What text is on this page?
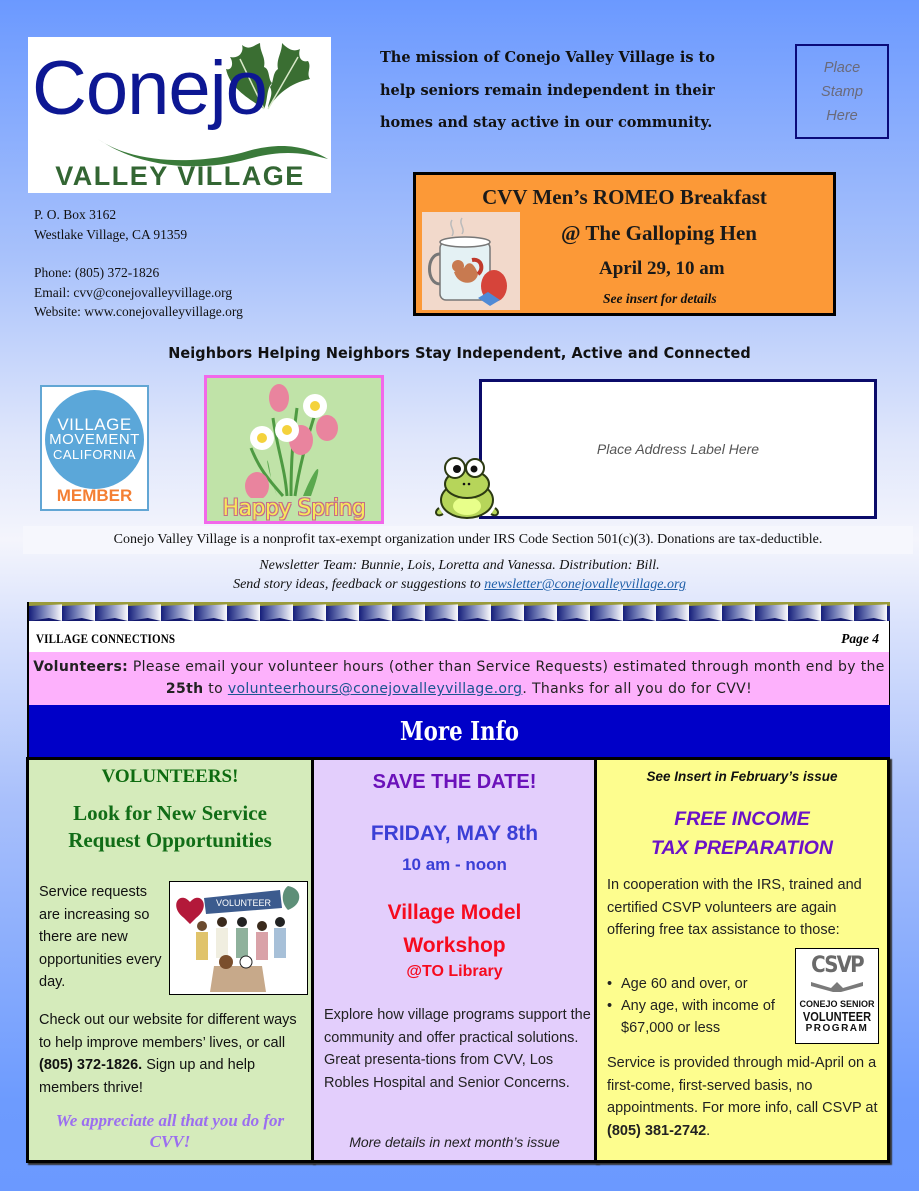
Conejo
VALLEY VILLAGE
P. O. Box 3162
Westlake Village, CA 91359
Phone: (805) 372-1826
Email: cvv@conejovalleyvillage.org
Website: www.conejovalleyvillage.org
The mission of Conejo Valley Village is to
help seniors remain independent in their
homes and stay active in our community.
Place
Stamp
Here
CVV Men’s ROMEO Breakfast
@ The Galloping Hen
April 29, 10 am
See insert for details
Neighbors Helping Neighbors Stay Independent, Active and Connected
VILLAGE
MOVEMENT
CALIFORNIA
MEMBER
Happy Spring
Place Address Label Here
Conejo Valley Village is a nonprofit tax-exempt organization under IRS Code Section 501(c)(3). Donations are tax-deductible.
Newsletter Team: Bunnie, Lois, Loretta and Vanessa. Distribution: Bill.
Send story ideas, feedback or suggestions to newsletter@conejovalleyvillage.org
VILLAGE CONNECTIONS	Page 4
Volunteers: Please email your volunteer hours (other than Service Requests) estimated through month end by the 25th to volunteerhours@conejovalleyvillage.org. Thanks for all you do for CVV!
More Info
VOLUNTEERS!
Look for New Service
Request Opportunities
Service requests are increasing so there are new opportunities every day.
VOLUNTEER
Check out our website for different ways to help improve members’ lives, or call (805) 372-1826. Sign up and help members thrive!
We appreciate all that you do for CVV!
SAVE THE DATE!
FRIDAY, MAY 8th
10 am - noon
Village Model
Workshop
@TO Library
Explore how village programs support the community and offer practical solutions. Great presenta-tions from CVV, Los Robles Hospital and Senior Concerns.
More details in next month’s issue
See Insert in February’s issue
FREE INCOME
TAX PREPARATION
In cooperation with the IRS, trained and certified CSVP volunteers are again offering free tax assistance to those:
• Age 60 and over, or
• Any age, with income of $67,000 or less
CSVP
CONEJO SENIOR
VOLUNTEER
PROGRAM
Service is provided through mid-April on a first-come, first-served basis, no appointments. For more info, call CSVP at (805) 381-2742.
